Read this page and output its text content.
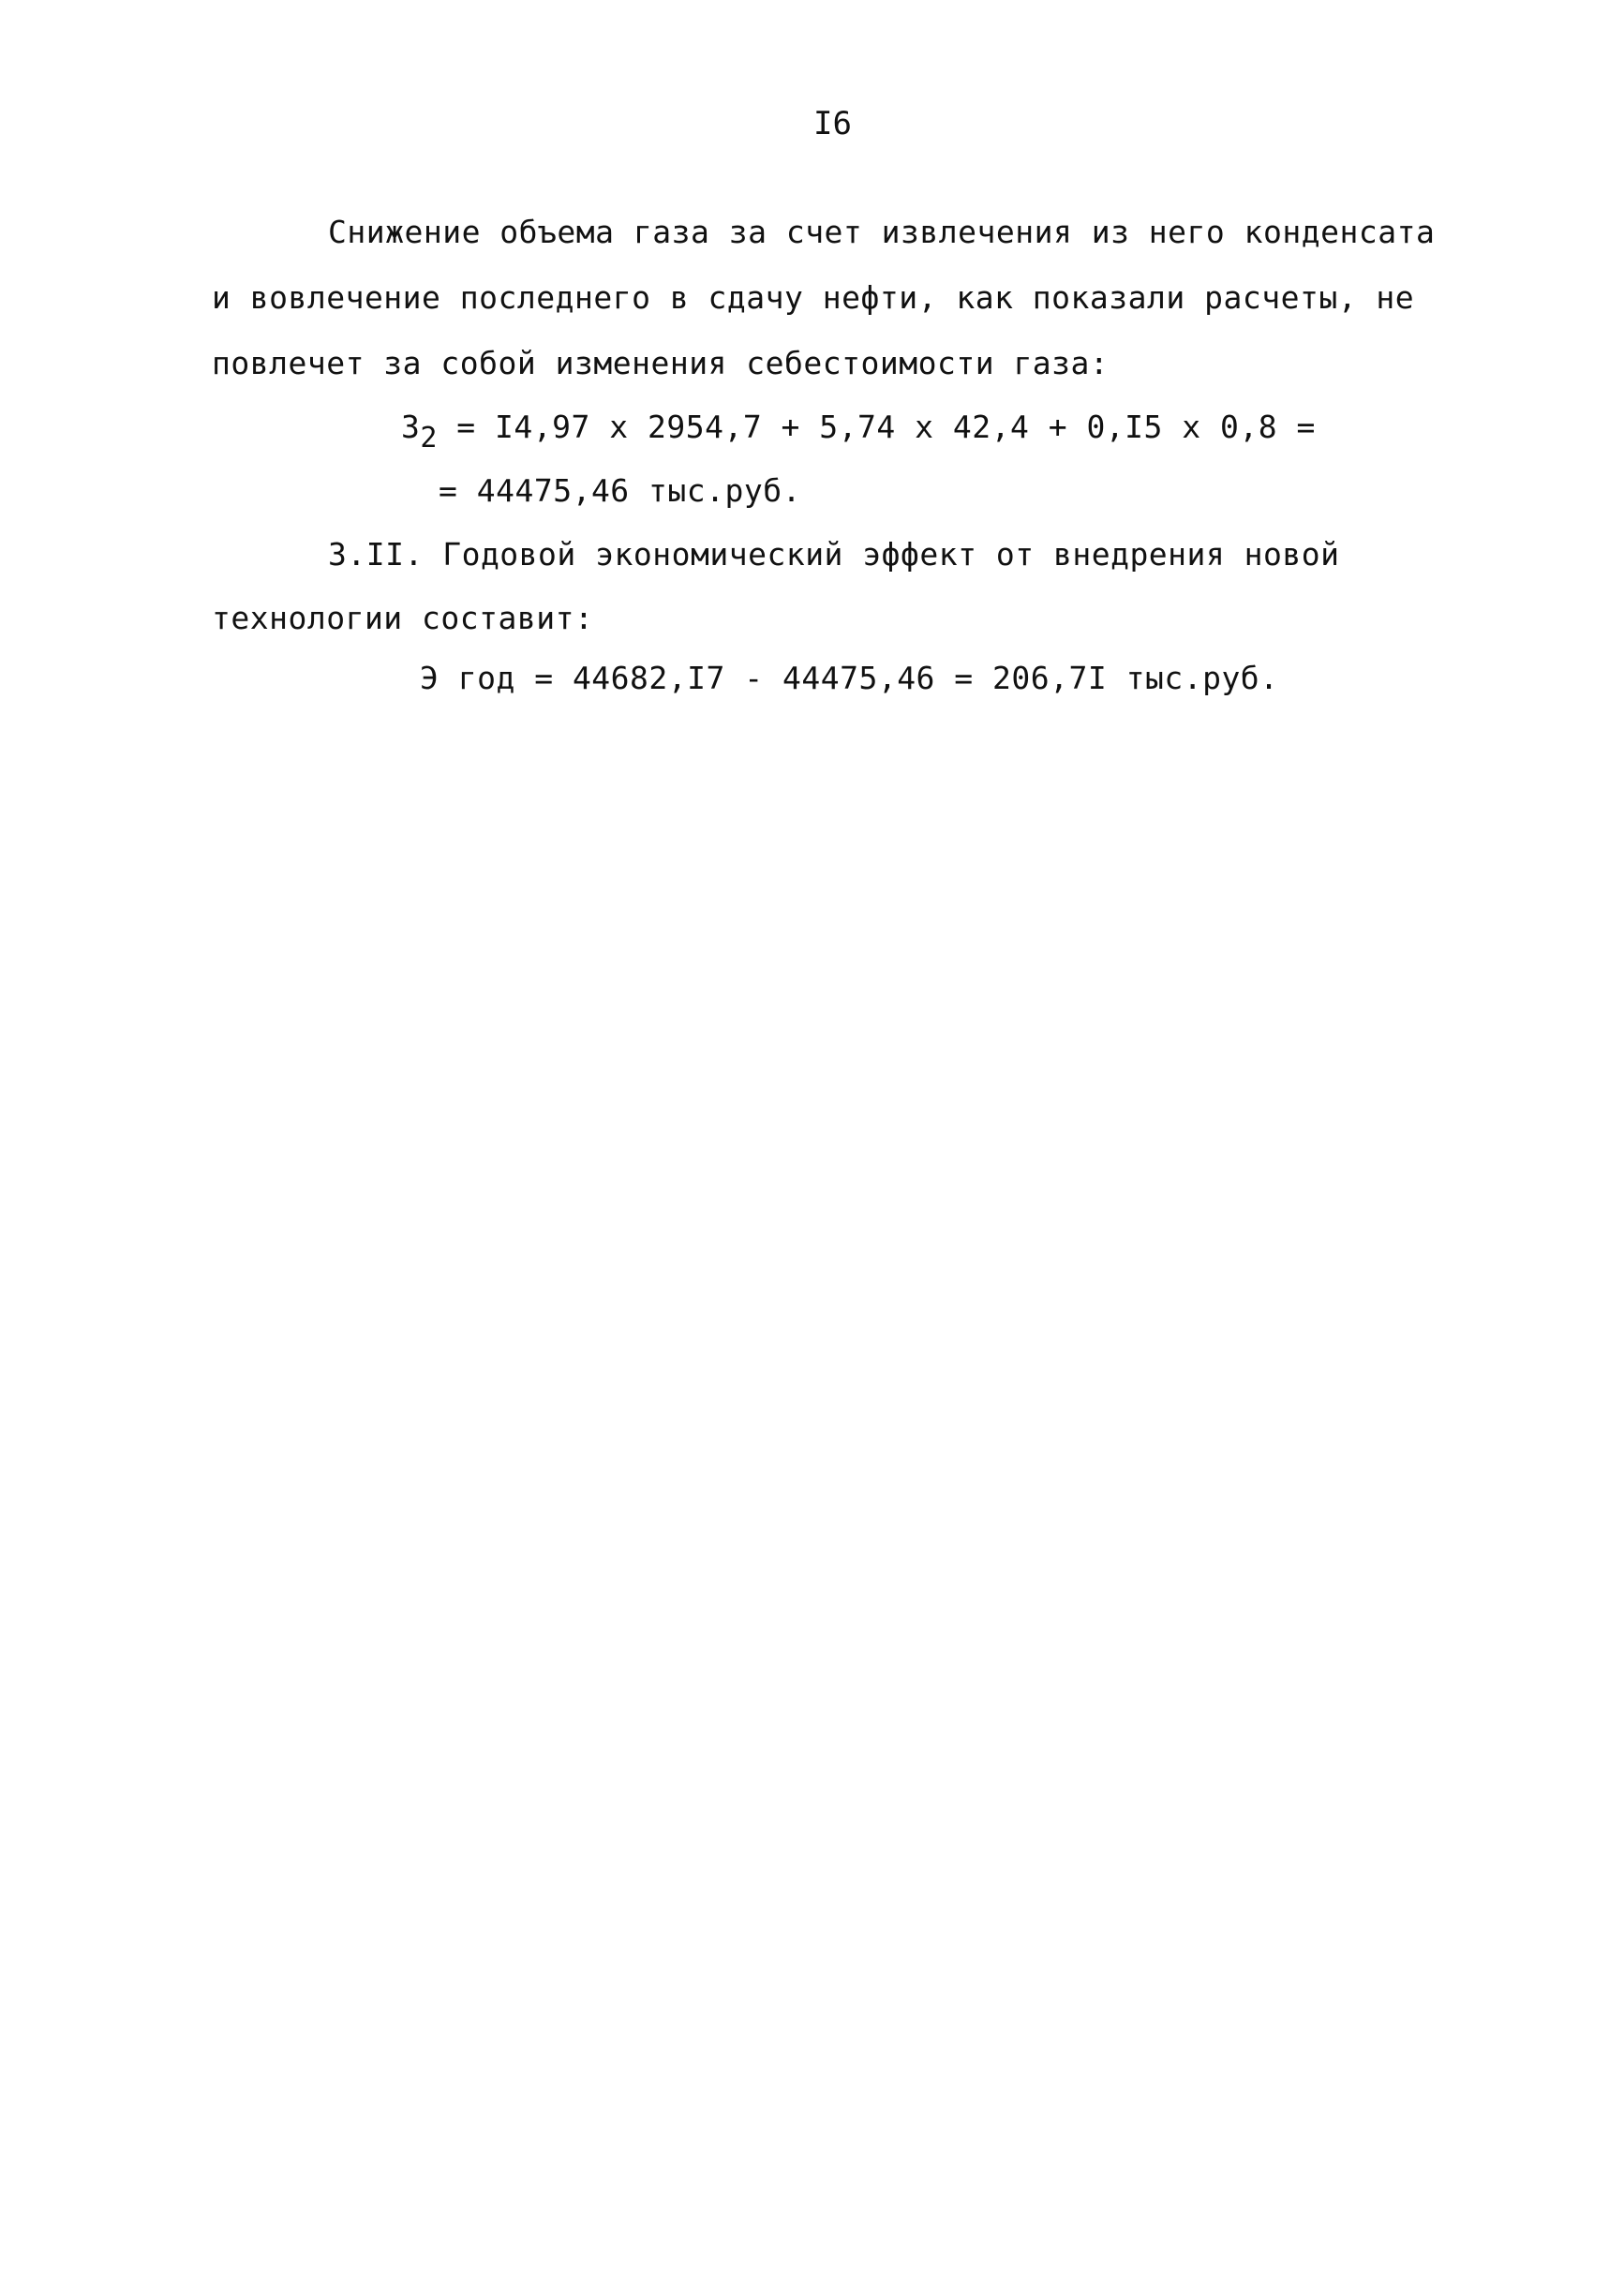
I6
Снижение объема газа за счет извлечения из него конденсата
и вовлечение последнего в сдачу нефти, как показали расчеты, не
повлечет за собой изменения себестоимости газа:
З2 = I4,97 x 2954,7 + 5,74 x 42,4 + 0,I5 x 0,8 =
= 44475,46 тыс.руб.
3.II. Годовой экономический эффект от внедрения новой
технологии составит:
Э год = 44682,I7 - 44475,46 = 206,7I тыс.руб.
